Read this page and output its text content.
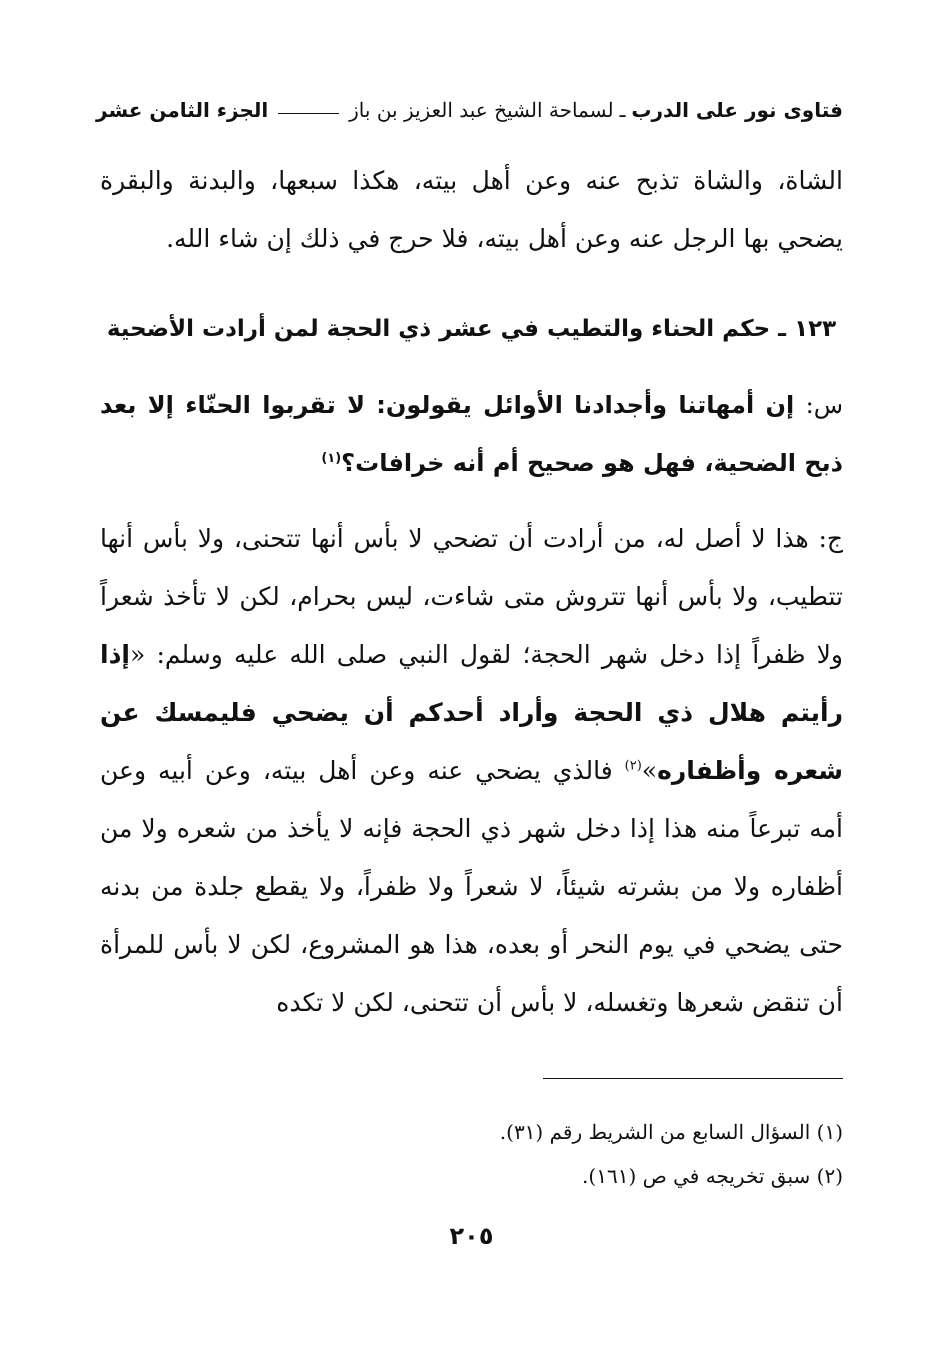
فتاوى نور على الدرب
ـ
لسماحة الشيخ عبد العزيز بن باز
الجزء الثامن عشر

الشاة، والشاة تذبح عنه وعن أهل بيته، هكذا سبعها، والبدنة والبقرة يضحي بها الرجل عنه وعن أهل بيته، فلا حرج في ذلك إن شاء الله.

١٢٣ ـ حكم الحناء والتطيب في عشر ذي الحجة لمن أرادت الأضحية

س: إن أمهاتنا وأجدادنا الأوائل يقولون: لا تقربوا الحنّاء إلا بعد ذبح الضحية، فهل هو صحيح أم أنه خرافات؟$^{(١)}$

ج: هذا لا أصل له، من أرادت أن تضحي لا بأس أنها تتحنى، ولا بأس أنها تتطيب، ولا بأس أنها تتروش متى شاءت، ليس بحرام، لكن لا تأخذ شعراً ولا ظفراً إذا دخل شهر الحجة؛ لقول النبي صلى الله عليه وسلم: «إذا رأيتم هلال ذي الحجة وأراد أحدكم أن يضحي فليمسك عن شعره وأظفاره»$^{(٢)}$ فالذي يضحي عنه وعن أهل بيته، وعن أبيه وعن أمه تبرعاً منه هذا إذا دخل شهر ذي الحجة فإنه لا يأخذ من شعره ولا من أظفاره ولا من بشرته شيئاً، لا شعراً ولا ظفراً، ولا يقطع جلدة من بدنه حتى يضحي في يوم النحر أو بعده، هذا هو المشروع، لكن لا بأس للمرأة أن تنقض شعرها وتغسله، لا بأس أن تتحنى، لكن لا تكده

(١) السؤال السابع من الشريط رقم (٣١).

(٢) سبق تخريجه في ص (١٦١).

٢٠٥
